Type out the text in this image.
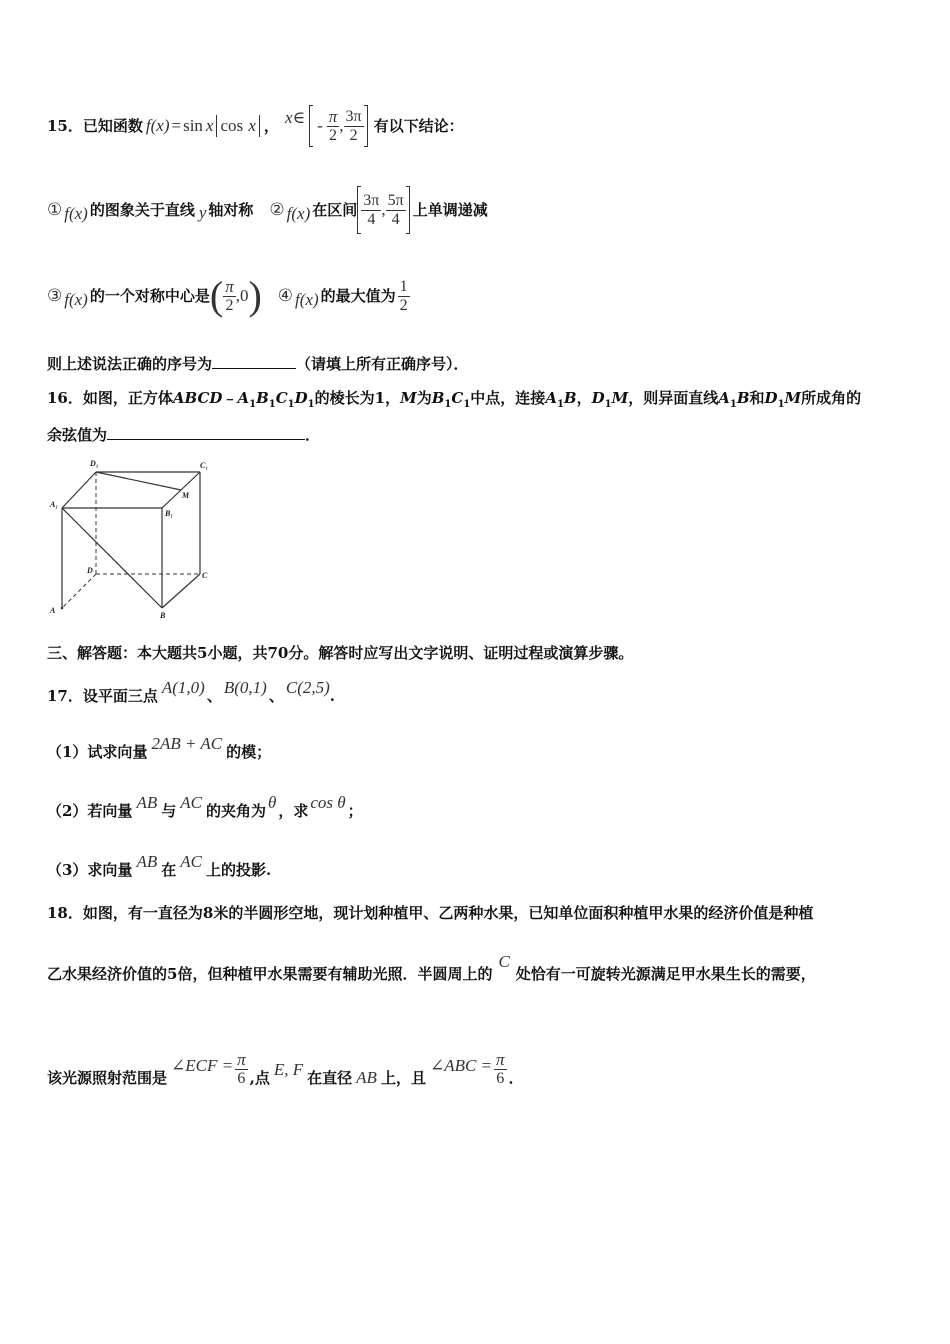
15． 已知函数 f(x) = sin x cos x ， x ∈ - $\frac{\pi}{2}$ , $\frac{3\pi}{2}$ 有以下结论：
① f(x) 的图象关于直线 y 轴对称 ② f(x) 在区间 $\frac{3\pi}{4}$ , $\frac{5\pi}{4}$ 上单调递减
③ f(x) 的一个对称中心是 ( $\frac{\pi}{2}$ , 0 ) ④ f(x) 的最大值为 $\frac{1}{2}$
则上述说法正确的序号为	（请填上所有正确序号）．
16．如图，正方体$ABCD﹣A_1B_1C_1D_1$的棱长为1，M为$B_1C_1$中点，连接$A_1B$，$D_1M$，则异面直线$A_1B$和$D_1M$所成角的
余弦值为	．
D₁	C₁
M
A₁
B₁
D
C
A
B
三、解答题：本大题共5小题，共70分。解答时应写出文字说明、证明过程或演算步骤。
17． 设平面三点 A(1,0) 、 B(0,1) 、 C(2,5) .
（1）试求向量 2AB + AC 的模；
（2）若向量 AB 与 AC 的夹角为 θ ，求 cos θ ；
（3）求向量 AB 在 AC 上的投影.
18．如图，有一直径为8米的半圆形空地，现计划种植甲、乙两种水果，已知单位面积种植甲水果的经济价值是种植
乙水果经济价值的5倍，但种植甲水果需要有辅助光照．半圆周上的
C
处恰有一可旋转光源满足甲水果生长的需要，
该光源照射范围是
∠ECF = $\frac{\pi}{6}$ ,点 E, F 在直径 AB 上，且
∠ABC = $\frac{\pi}{6}$ ．
